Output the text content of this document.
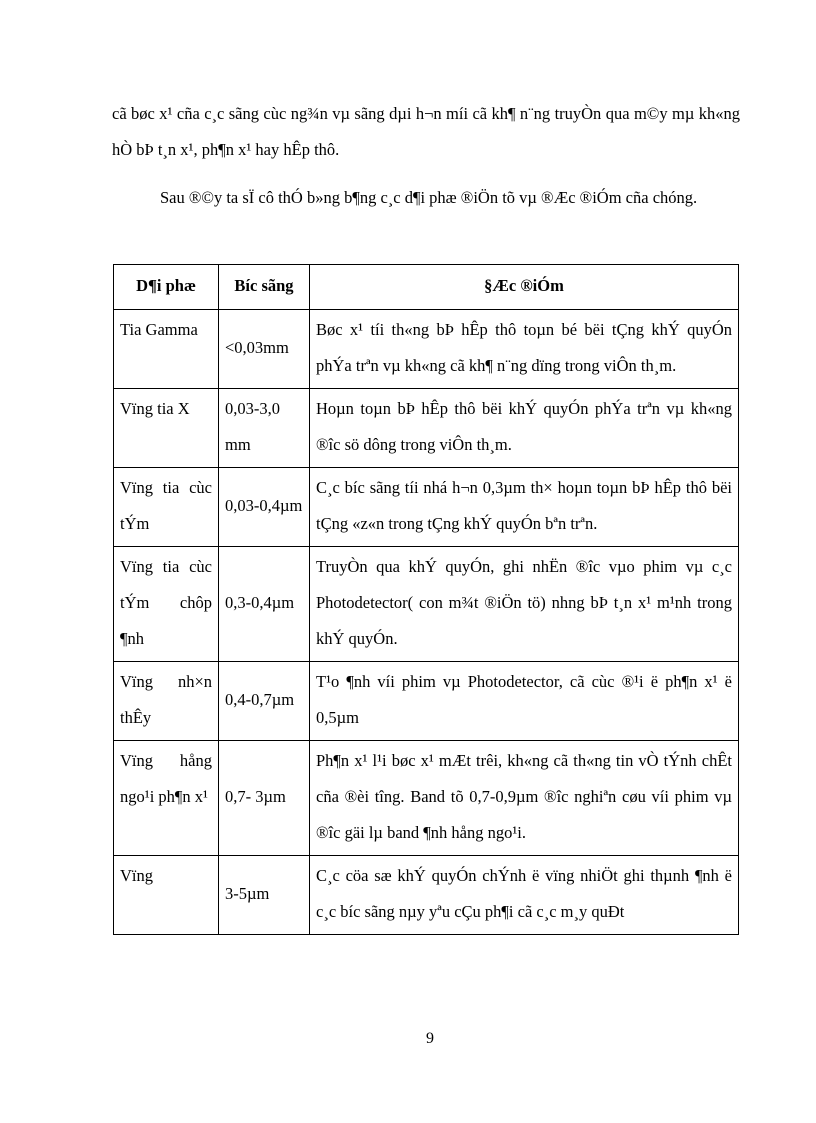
cã bøc x¹ cña c¸c sãng cùc ng¾n vµ sãng dµi h¬n míi cã kh¶ n¨ng truyÒn qua m©y mµ kh«ng hÒ bÞ t¸n x¹, ph¶n x¹ hay hÊp thô.

Sau ®©y ta sÏ cô thÓ b»ng b¶ng c¸c d¶i phæ ®iÖn tõ vµ ®Æc ®iÓm cña chóng.

D¶i phæ	Bíc sãng	§Æc ®iÓm
Tia Gamma	<0,03mm	Bøc x¹ tíi th«ng bÞ hÊp thô toµn bé bëi tÇng khÝ quyÓn phÝa trªn vµ kh«ng cã kh¶ n¨ng dïng trong viÔn th¸m.
Vïng tia X	0,03-3,0 mm	Hoµn toµn bÞ hÊp thô bëi khÝ quyÓn phÝa trªn vµ kh«ng ®îc sö dông trong viÔn th¸m.
Vïng tia cùc tÝm	0,03-0,4µm	C¸c bíc sãng tíi nhá h¬n 0,3µm th× hoµn toµn bÞ hÊp thô bëi tÇng «z«n trong tÇng khÝ quyÓn bªn trªn.
Vïng tia cùc tÝm chôp ¶nh	0,3-0,4µm	TruyÒn qua khÝ quyÓn, ghi nhËn ®îc vµo phim vµ c¸c Photodetector( con m¾t ®iÖn tö) nhng bÞ t¸n x¹ m¹nh trong khÝ quyÓn.
Vïng nh×n thÊy	0,4-0,7µm	T¹o ¶nh víi phim vµ Photodetector, cã cùc ®¹i ë ph¶n x¹ ë 0,5µm
Vïng hång ngo¹i ph¶n x¹	0,7- 3µm	Ph¶n x¹ l¹i bøc x¹ mÆt trêi, kh«ng cã th«ng tin vÒ tÝnh chÊt cña ®èi tîng. Band tõ 0,7-0,9µm ®îc nghiªn cøu víi phim vµ ®îc gäi lµ band ¶nh hång ngo¹i.
Vïng	3-5µm	C¸c cöa sæ khÝ quyÓn chÝnh ë vïng nhiÖt ghi thµnh ¶nh ë c¸c bíc sãng nµy yªu cÇu ph¶i cã c¸c m¸y quÐt
9
